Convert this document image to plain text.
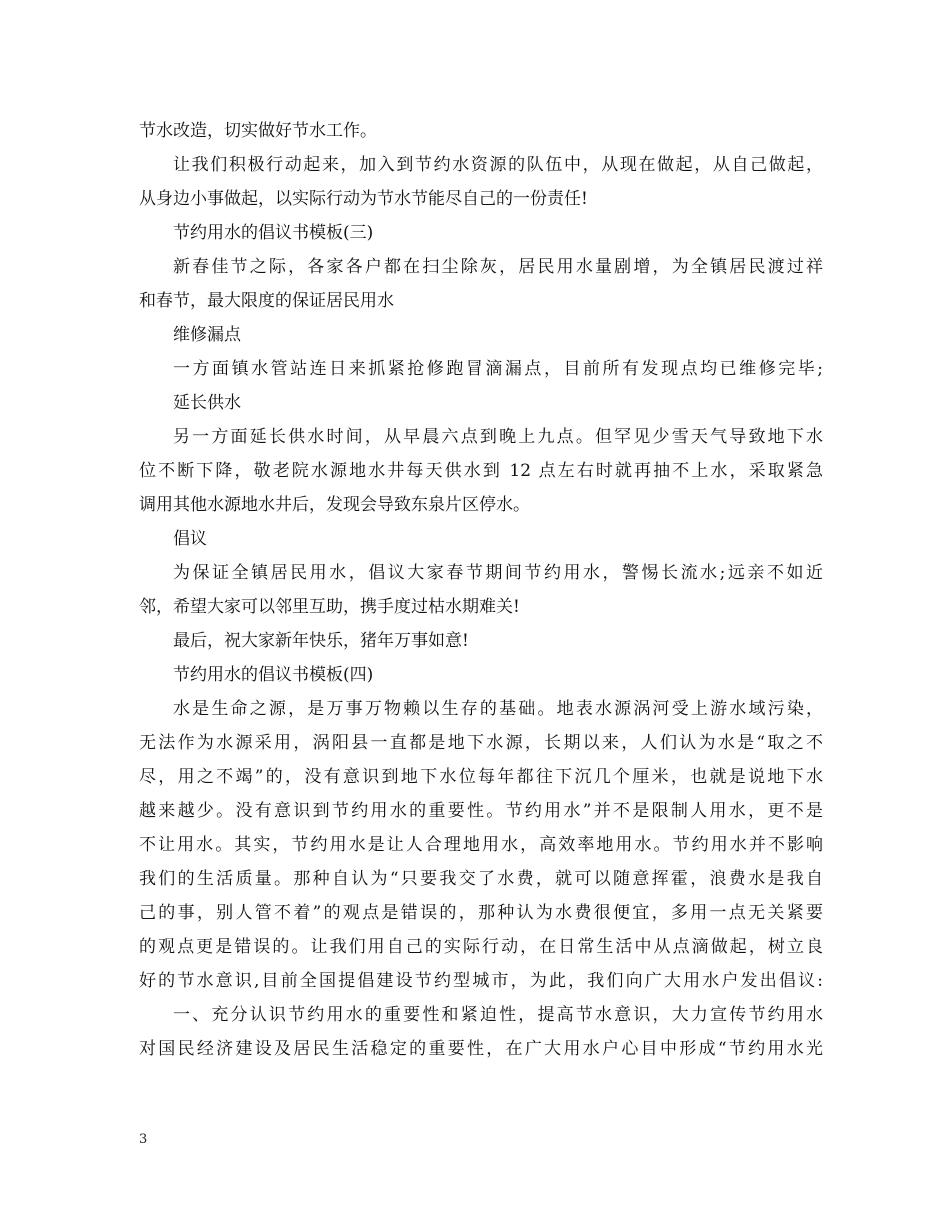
节水改造，切实做好节水工作。
让我们积极行动起来，加入到节约水资源的队伍中，从现在做起，从自己做起，
从身边小事做起，以实际行动为节水节能尽自己的一份责任!
节约用水的倡议书模板(三)
新春佳节之际，各家各户都在扫尘除灰，居民用水量剧增，为全镇居民渡过祥
和春节，最大限度的保证居民用水
维修漏点
一方面镇水管站连日来抓紧抢修跑冒滴漏点，目前所有发现点均已维修完毕;
延长供水
另一方面延长供水时间，从早晨六点到晚上九点。但罕见少雪天气导致地下水
位不断下降，敬老院水源地水井每天供水到 12 点左右时就再抽不上水，采取紧急
调用其他水源地水井后，发现会导致东泉片区停水。
倡议
为保证全镇居民用水，倡议大家春节期间节约用水，警惕长流水;远亲不如近
邻，希望大家可以邻里互助，携手度过枯水期难关!
最后，祝大家新年快乐，猪年万事如意!
节约用水的倡议书模板(四)
水是生命之源，是万事万物赖以生存的基础。地表水源涡河受上游水域污染，
无法作为水源采用，涡阳县一直都是地下水源，长期以来，人们认为水是“取之不
尽，用之不竭”的，没有意识到地下水位每年都往下沉几个厘米，也就是说地下水
越来越少。没有意识到节约用水的重要性。节约用水”并不是限制人用水，更不是
不让用水。其实，节约用水是让人合理地用水，高效率地用水。节约用水并不影响
我们的生活质量。那种自认为“只要我交了水费，就可以随意挥霍，浪费水是我自
己的事，别人管不着”的观点是错误的，那种认为水费很便宜，多用一点无关紧要
的观点更是错误的。让我们用自己的实际行动，在日常生活中从点滴做起，树立良
好的节水意识,目前全国提倡建设节约型城市，为此，我们向广大用水户发出倡议:
一、充分认识节约用水的重要性和紧迫性，提高节水意识，大力宣传节约用水
对国民经济建设及居民生活稳定的重要性，在广大用水户心目中形成“节约用水光
3
